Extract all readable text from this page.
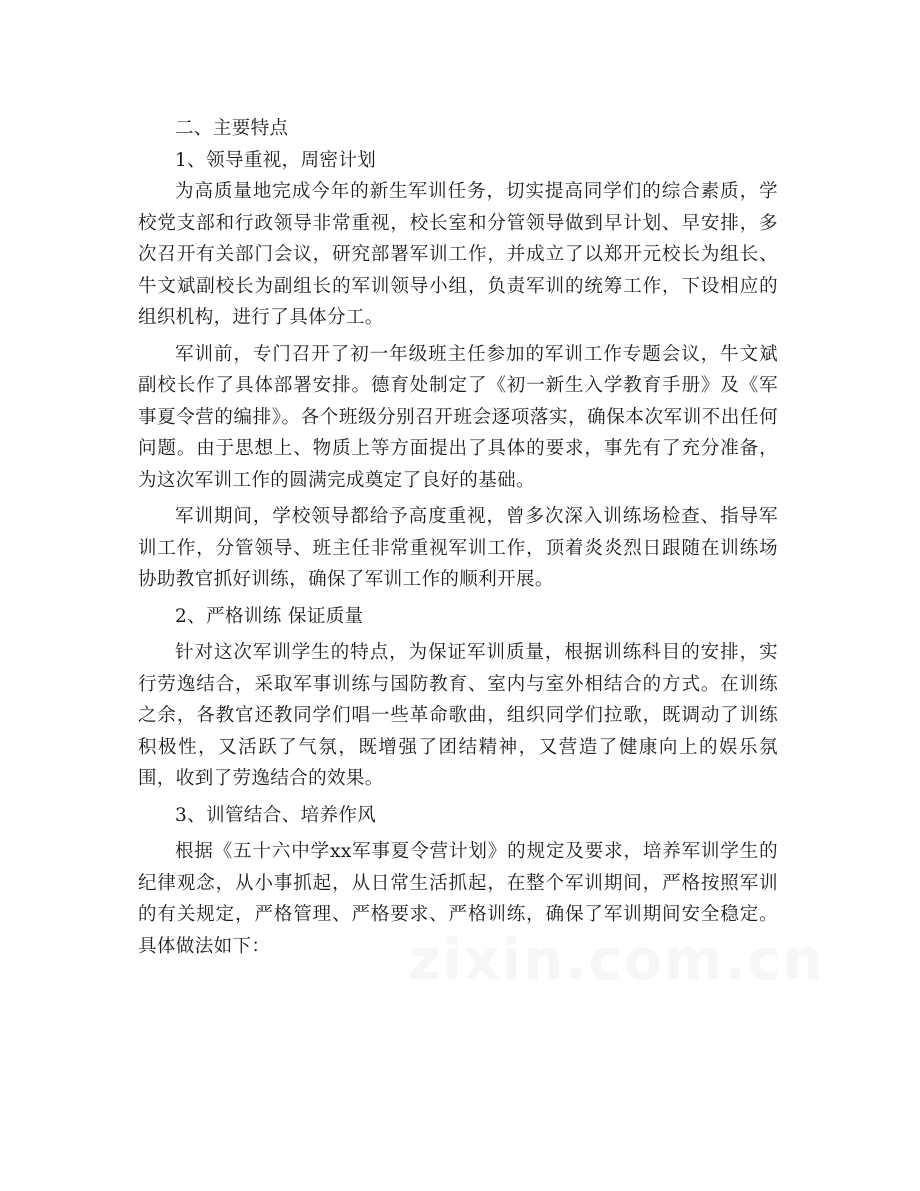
二、主要特点

1、领导重视，周密计划

为高质量地完成今年的新生军训任务，切实提高同学们的综合素质，学校党支部和行政领导非常重视，校长室和分管领导做到早计划、早安排，多次召开有关部门会议，研究部署军训工作，并成立了以郑开元校长为组长、牛文斌副校长为副组长的军训领导小组，负责军训的统筹工作，下设相应的组织机构，进行了具体分工。

军训前，专门召开了初一年级班主任参加的军训工作专题会议，牛文斌副校长作了具体部署安排。德育处制定了《初一新生入学教育手册》及《军事夏令营的编排》。各个班级分别召开班会逐项落实，确保本次军训不出任何问题。由于思想上、物质上等方面提出了具体的要求，事先有了充分准备，为这次军训工作的圆满完成奠定了良好的基础。

军训期间，学校领导都给予高度重视，曾多次深入训练场检查、指导军训工作，分管领导、班主任非常重视军训工作，顶着炎炎烈日跟随在训练场协助教官抓好训练，确保了军训工作的顺利开展。

2、严格训练 保证质量

针对这次军训学生的特点，为保证军训质量，根据训练科目的安排，实行劳逸结合，采取军事训练与国防教育、室内与室外相结合的方式。在训练之余，各教官还教同学们唱一些革命歌曲，组织同学们拉歌，既调动了训练积极性，又活跃了气氛，既增强了团结精神，又营造了健康向上的娱乐氛围，收到了劳逸结合的效果。

3、训管结合、培养作风

根据《五十六中学xx军事夏令营计划》的规定及要求，培养军训学生的纪律观念，从小事抓起，从日常生活抓起，在整个军训期间，严格按照军训的有关规定，严格管理、严格要求、严格训练，确保了军训期间安全稳定。具体做法如下：	zixin.com.cn
